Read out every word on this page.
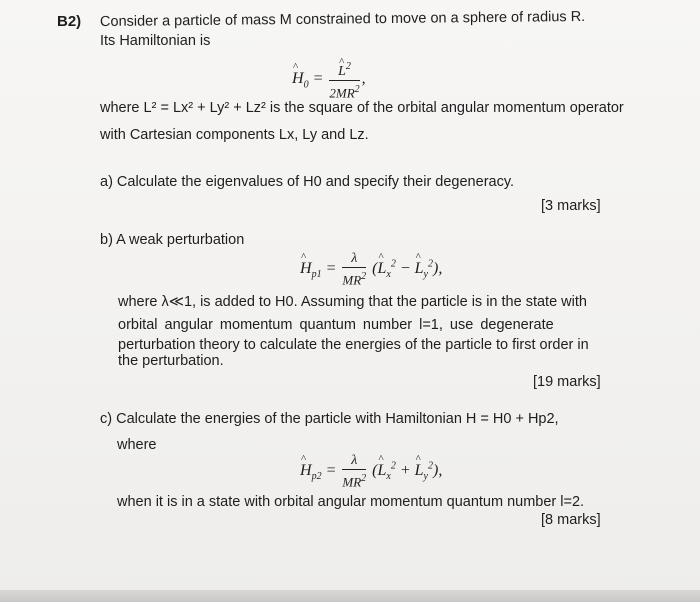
B2) Consider a particle of mass M constrained to move on a sphere of radius R.
Its Hamiltonian is
^ $H_0$ =
^ $\frac{L^2}{2MR^2}$ ,
where L² = Lx² + Ly² + Lz² is the square of the orbital angular momentum operator
with Cartesian components Lx, Ly and Lz.
a) Calculate the eigenvalues of H0 and specify their degeneracy.
[3 marks]
b) A weak perturbation
^ $H_{p1} = \frac{\lambda}{MR^2}$ (^ $L_x^2$ − ^ $L_y^2$),
where λ≪1, is added to H0. Assuming that the particle is in the state with
orbital angular momentum quantum number l=1, use degenerate
perturbation theory to calculate the energies of the particle to first order in
the perturbation.
[19 marks]
c) Calculate the energies of the particle with Hamiltonian H = H0 + Hp2,
where
^ $H_{p2} = \frac{\lambda}{MR^2}$ (^ $L_x^2$ + ^ $L_y^2$),
when it is in a state with orbital angular momentum quantum number l=2.
[8 marks]
